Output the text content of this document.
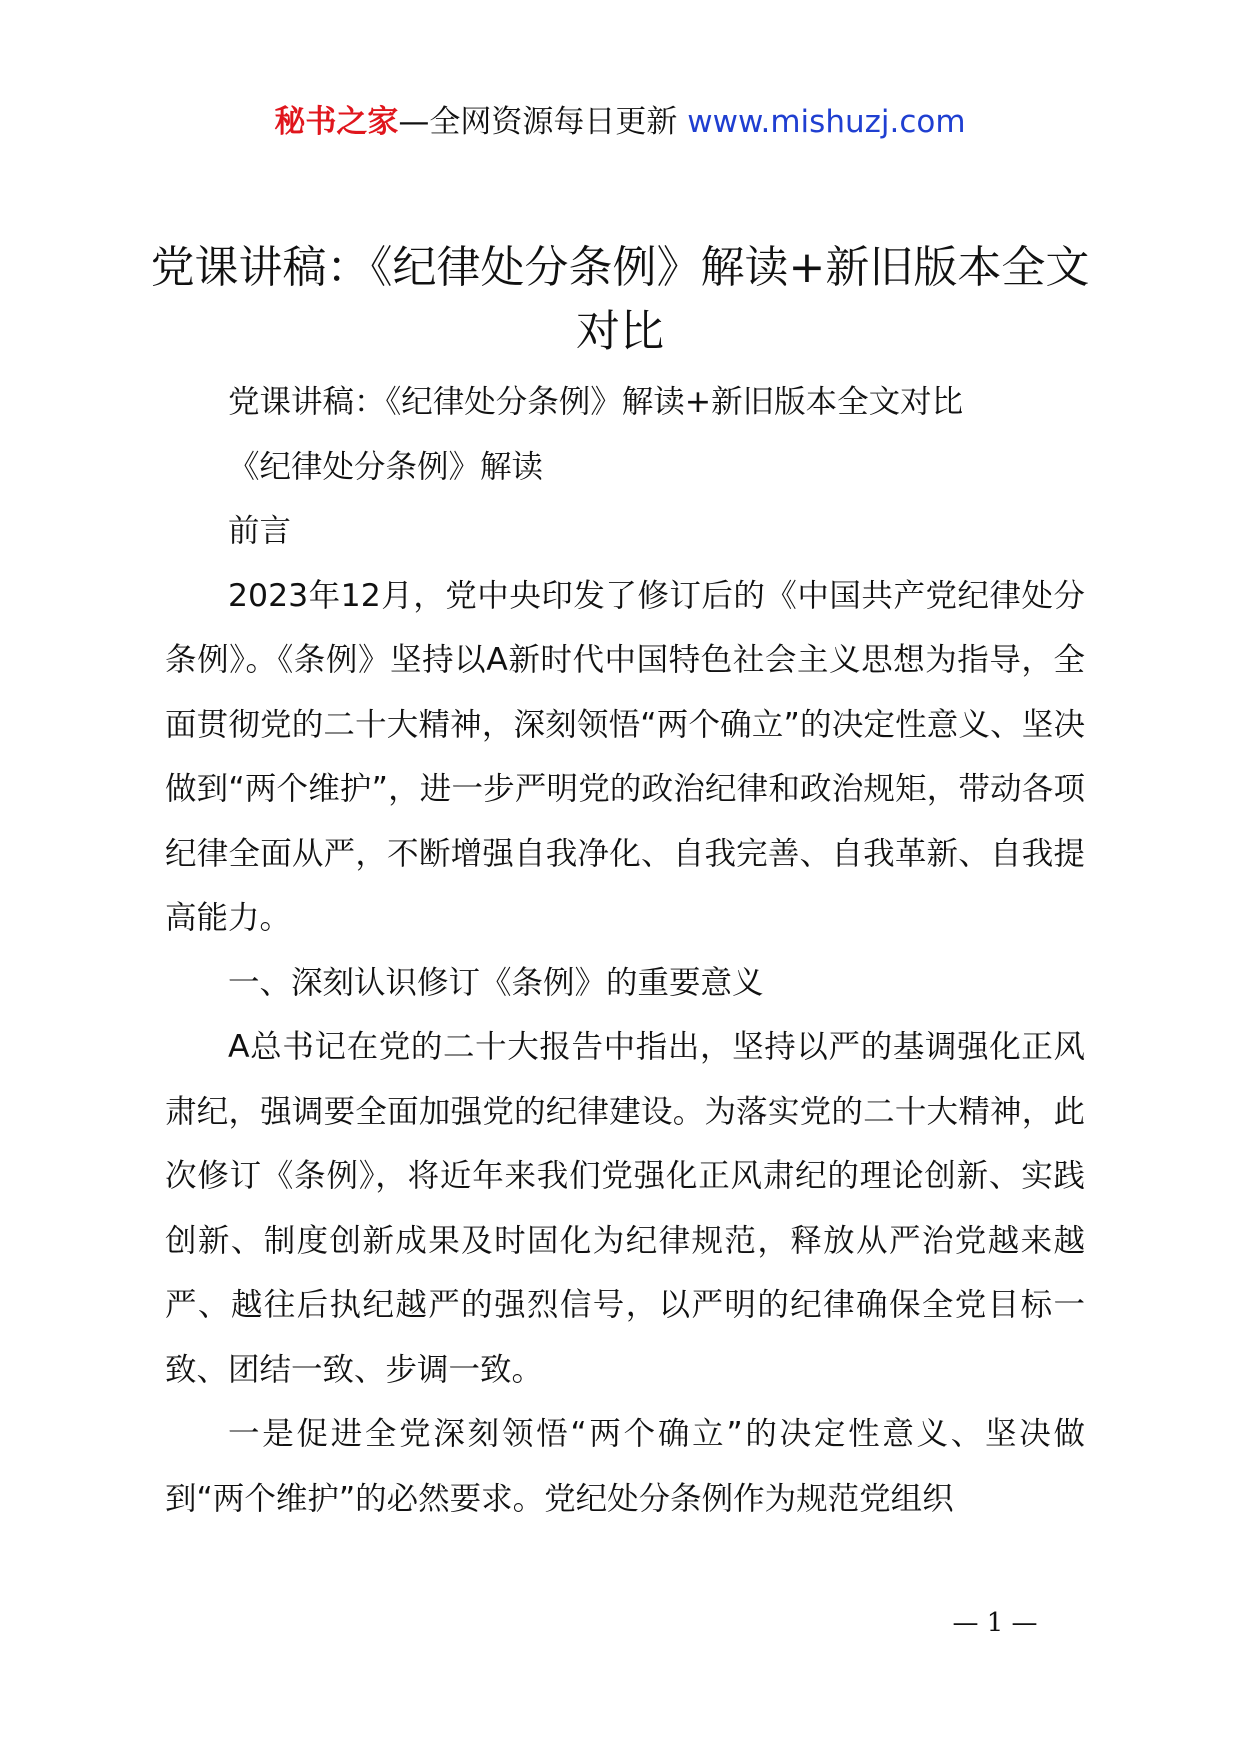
秘书之家—全网资源每日更新 www.mishuzj.com
党课讲稿：《纪律处分条例》解读+新旧版本全文对比

党课讲稿：《纪律处分条例》解读+新旧版本全文对比

《纪律处分条例》解读

前言

2023年12月，党中央印发了修订后的《中国共产党纪律处分条例》。《条例》坚持以A新时代中国特色社会主义思想为指导，全面贯彻党的二十大精神，深刻领悟“两个确立”的决定性意义、坚决做到“两个维护”，进一步严明党的政治纪律和政治规矩，带动各项纪律全面从严，不断增强自我净化、自我完善、自我革新、自我提高能力。

一、深刻认识修订《条例》的重要意义

A总书记在党的二十大报告中指出，坚持以严的基调强化正风肃纪，强调要全面加强党的纪律建设。为落实党的二十大精神，此次修订《条例》，将近年来我们党强化正风肃纪的理论创新、实践创新、制度创新成果及时固化为纪律规范，释放从严治党越来越严、越往后执纪越严的强烈信号，以严明的纪律确保全党目标一致、团结一致、步调一致。

一是促进全党深刻领悟“两个确立”的决定性意义、坚决做到“两个维护”的必然要求。党纪处分条例作为规范党组织

— 1 —
